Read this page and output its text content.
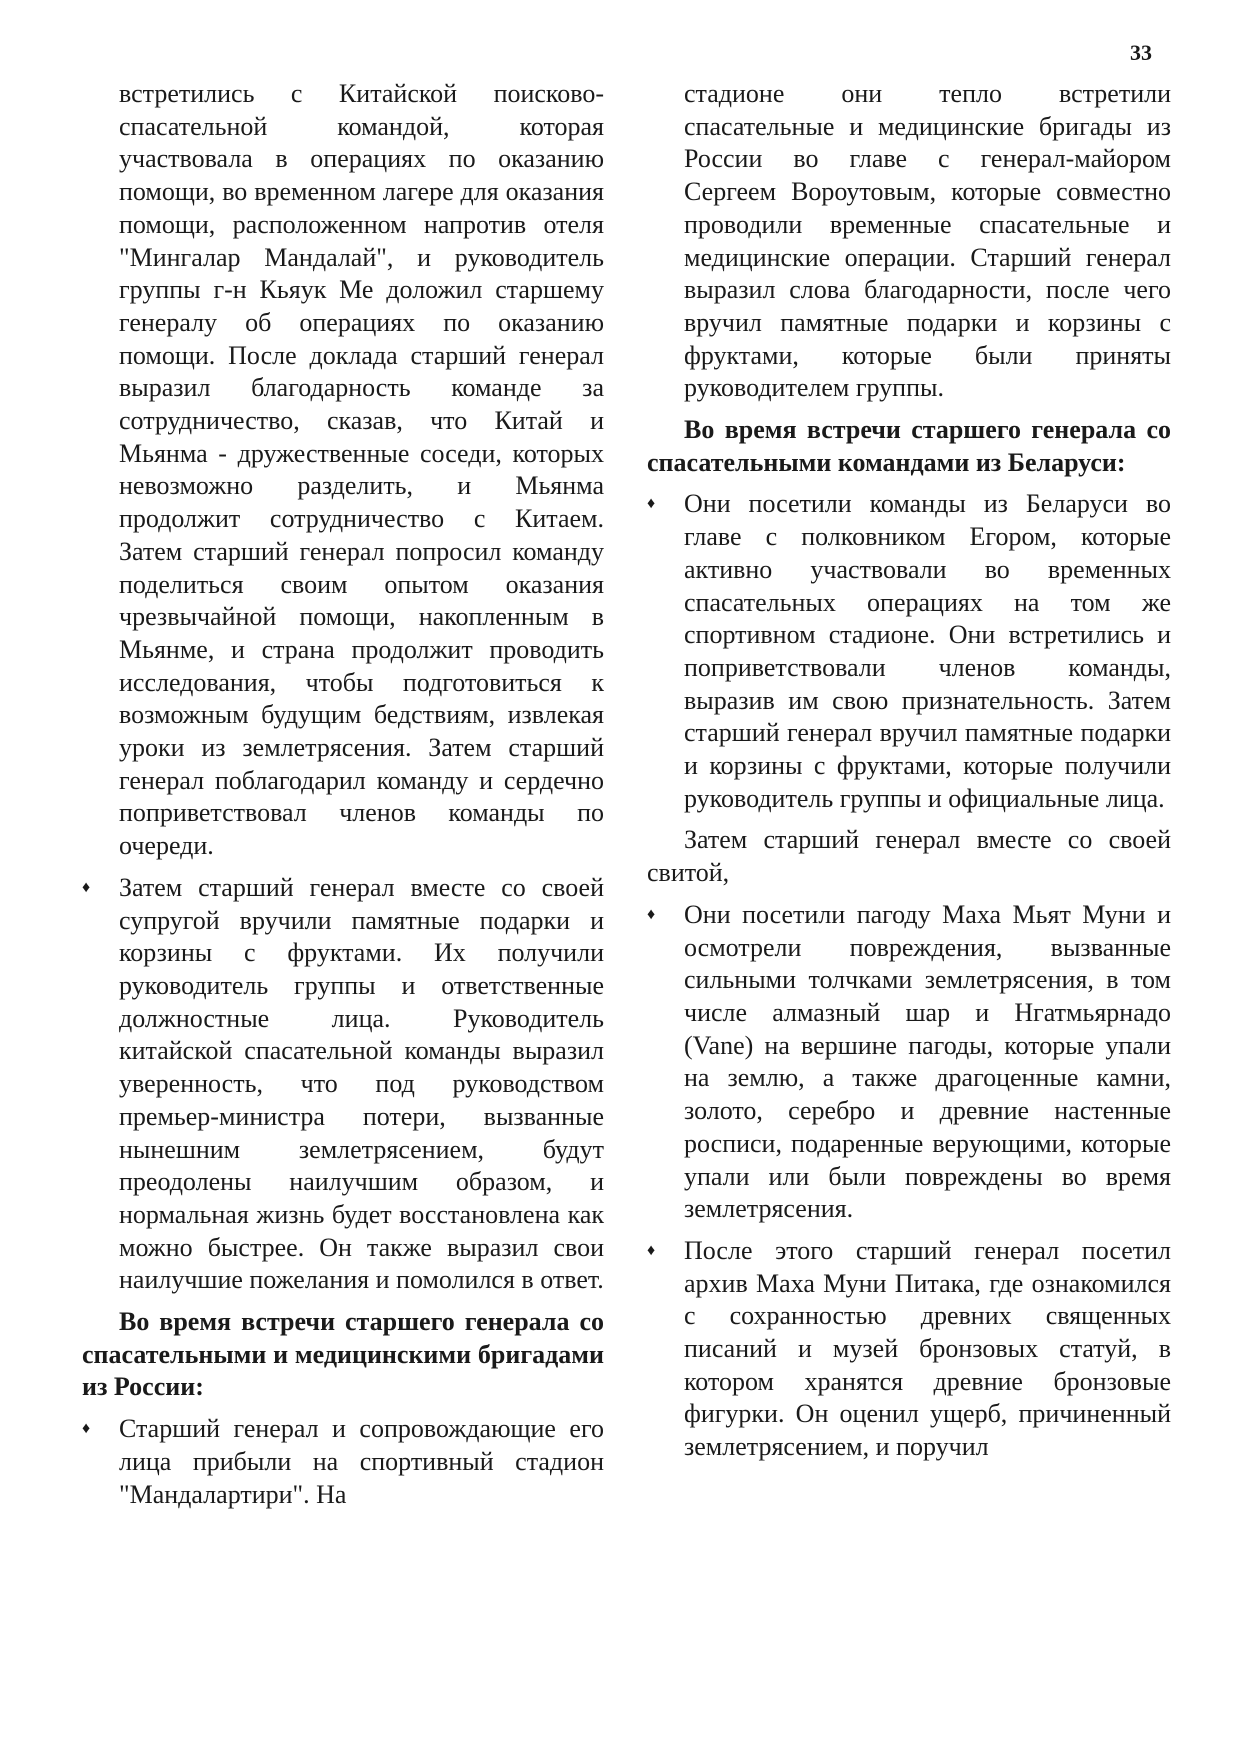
33

встретились с Китайской поисково-спасательной командой, которая участвовала в операциях по оказанию помощи, во временном лагере для оказания помощи, расположенном напротив отеля "Мингалар Мандалай", и руководитель группы г-н Кьяук Ме доложил старшему генералу об операциях по оказанию помощи. После доклада старший генерал выразил благодарность команде за сотрудничество, сказав, что Китай и Мьянма - дружественные соседи, которых невозможно разделить, и Мьянма продолжит сотрудничество с Китаем. Затем старший генерал попросил команду поделиться своим опытом оказания чрезвычайной помощи, накопленным в Мьянме, и страна продолжит проводить исследования, чтобы подготовиться к возможным будущим бедствиям, извлекая уроки из землетрясения. Затем старший генерал поблагодарил команду и сердечно поприветствовал членов команды по очереди.

♦ Затем старший генерал вместе со своей супругой вручили памятные подарки и корзины с фруктами. Их получили руководитель группы и ответственные должностные лица. Руководитель китайской спасательной команды выразил уверенность, что под руководством премьер-министра потери, вызванные нынешним землетрясением, будут преодолены наилучшим образом, и нормальная жизнь будет восстановлена как можно быстрее. Он также выразил свои наилучшие пожелания и помолился в ответ.

Во время встречи старшего генерала со спасательными и медицинскими бригадами из России:

♦ Старший генерал и сопровождающие его лица прибыли на спортивный стадион "Мандалартири". На

стадионе они тепло встретили спасательные и медицинские бригады из России во главе с генерал-майором Сергеем Вороутовым, которые совместно проводили временные спасательные и медицинские операции. Старший генерал выразил слова благодарности, после чего вручил памятные подарки и корзины с фруктами, которые были приняты руководителем группы.

Во время встречи старшего генерала со спасательными командами из Беларуси:

♦ Они посетили команды из Беларуси во главе с полковником Егором, которые активно участвовали во временных спасательных операциях на том же спортивном стадионе. Они встретились и поприветствовали членов команды, выразив им свою признательность. Затем старший генерал вручил памятные подарки и корзины с фруктами, которые получили руководитель группы и официальные лица.

Затем старший генерал вместе со своей свитой,

♦ Они посетили пагоду Маха Мьят Муни и осмотрели повреждения, вызванные сильными толчками землетрясения, в том числе алмазный шар и Нгатмьярнадо (Vane) на вершине пагоды, которые упали на землю, а также драгоценные камни, золото, серебро и древние настенные росписи, подаренные верующими, которые упали или были повреждены во время землетрясения.

♦ После этого старший генерал посетил архив Маха Муни Питака, где ознакомился с сохранностью древних священных писаний и музей бронзовых статуй, в котором хранятся древние бронзовые фигурки. Он оценил ущерб, причиненный землетрясением, и поручил
